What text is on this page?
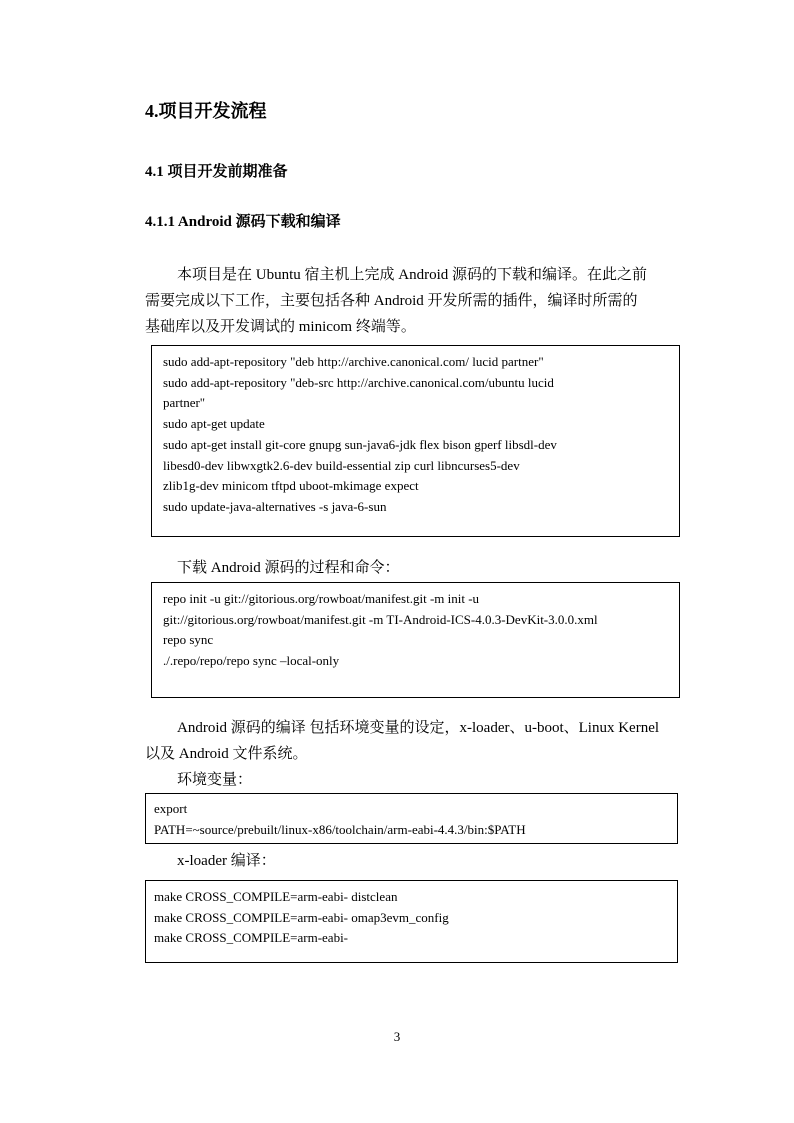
4.项目开发流程
4.1 项目开发前期准备
4.1.1 Android 源码下载和编译
本项目是在 Ubuntu 宿主机上完成 Android 源码的下载和编译。在此之前
需要完成以下工作，主要包括各种 Android 开发所需的插件，编译时所需的
基础库以及开发调试的 minicom 终端等。
sudo add-apt-repository "deb http://archive.canonical.com/ lucid partner"
sudo add-apt-repository "deb-src http://archive.canonical.com/ubuntu lucid
partner"
sudo apt-get update
sudo apt-get install git-core gnupg sun-java6-jdk flex bison gperf libsdl-dev
libesd0-dev libwxgtk2.6-dev build-essential zip curl libncurses5-dev
zlib1g-dev minicom tftpd uboot-mkimage expect
sudo update-java-alternatives -s java-6-sun
下载 Android 源码的过程和命令：
repo init -u git://gitorious.org/rowboat/manifest.git -m init -u
git://gitorious.org/rowboat/manifest.git -m TI-Android-ICS-4.0.3-DevKit-3.0.0.xml
repo sync
./.repo/repo/repo sync –local-only
Android 源码的编译 包括环境变量的设定，x-loader、u-boot、Linux Kernel
以及 Android 文件系统。
环境变量：
export
PATH=~source/prebuilt/linux-x86/toolchain/arm-eabi-4.4.3/bin:$PATH
x-loader 编译：
make CROSS_COMPILE=arm-eabi- distclean
make CROSS_COMPILE=arm-eabi- omap3evm_config
make CROSS_COMPILE=arm-eabi-
3
